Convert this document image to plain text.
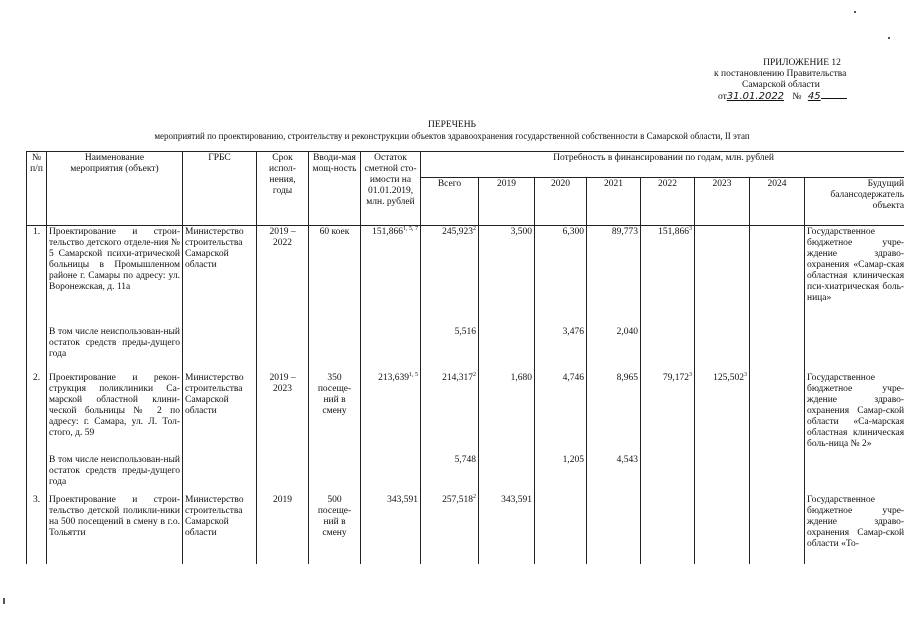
ПРИЛОЖЕНИЕ 12
к постановлению Правительства
Самарской области
от31.01.2022 № 45
ПЕРЕЧЕНЬ
мероприятий по проектированию, строительству и реконструкции объектов здравоохранения государственной собственности в Самарской области, II этап
№ п/п	Наименование мероприятия (объект)	ГРБС	Срок испол-нения, годы	Вводи-мая мощ-ность	Остаток сметной сто-имости на 01.01.2019, млн. рублей	Потребность в финансировании по годам, млн. рублей							
						Всего	2019	2020	2021	2022	2023	2024	Будущий балансодержатель объекта
1.	Проектирование и строи-тельство детского отделе-ния № 5 Самарской психи-атрической больницы в Промышленном районе г. Самары по адресу: ул. Воронежская, д. 11а	Министерство строительства Самарской области	2019 – 2022	60 коек	151,866$^{1, 5, 7}$	245,923$^2$	3,500	6,300	89,773	151,866$^3$			Государственное бюджетное учре-ждение здраво-охранения «Самар-ская областная клиническая пси-хиатрическая боль-ница»
	В том числе неиспользован-ный остаток средств преды-дущего года					5,516		3,476	2,040				
2.	Проектирование и рекон-струкция поликлиники Са-марской областной клини-ческой больницы № 2 по адресу: г. Самара, ул. Л. Тол-стого, д. 59	Министерство строительства Самарской области	2019 – 2023	350 посеще-ний в смену	213,639$^{1, 5}$	214,317$^2$	1,680	4,746	8,965	79,172$^3$	125,502$^3$		Государственное бюджетное учре-ждение здраво-охранения Самар-ской области «Са-марская областная клиническая боль-ница № 2»
	В том числе неиспользован-ный остаток средств преды-дущего года					5,748		1,205	4,543				
3.	Проектирование и строи-тельство детской поликли-ники на 500 посещений в смену в г.о. Тольятти	Министерство строительства Самарской области	2019	500 посеще-ний в смену	343,591	257,518$^2$	343,591						Государственное бюджетное учре-ждение здраво-охранения Самар-ской области «То-
